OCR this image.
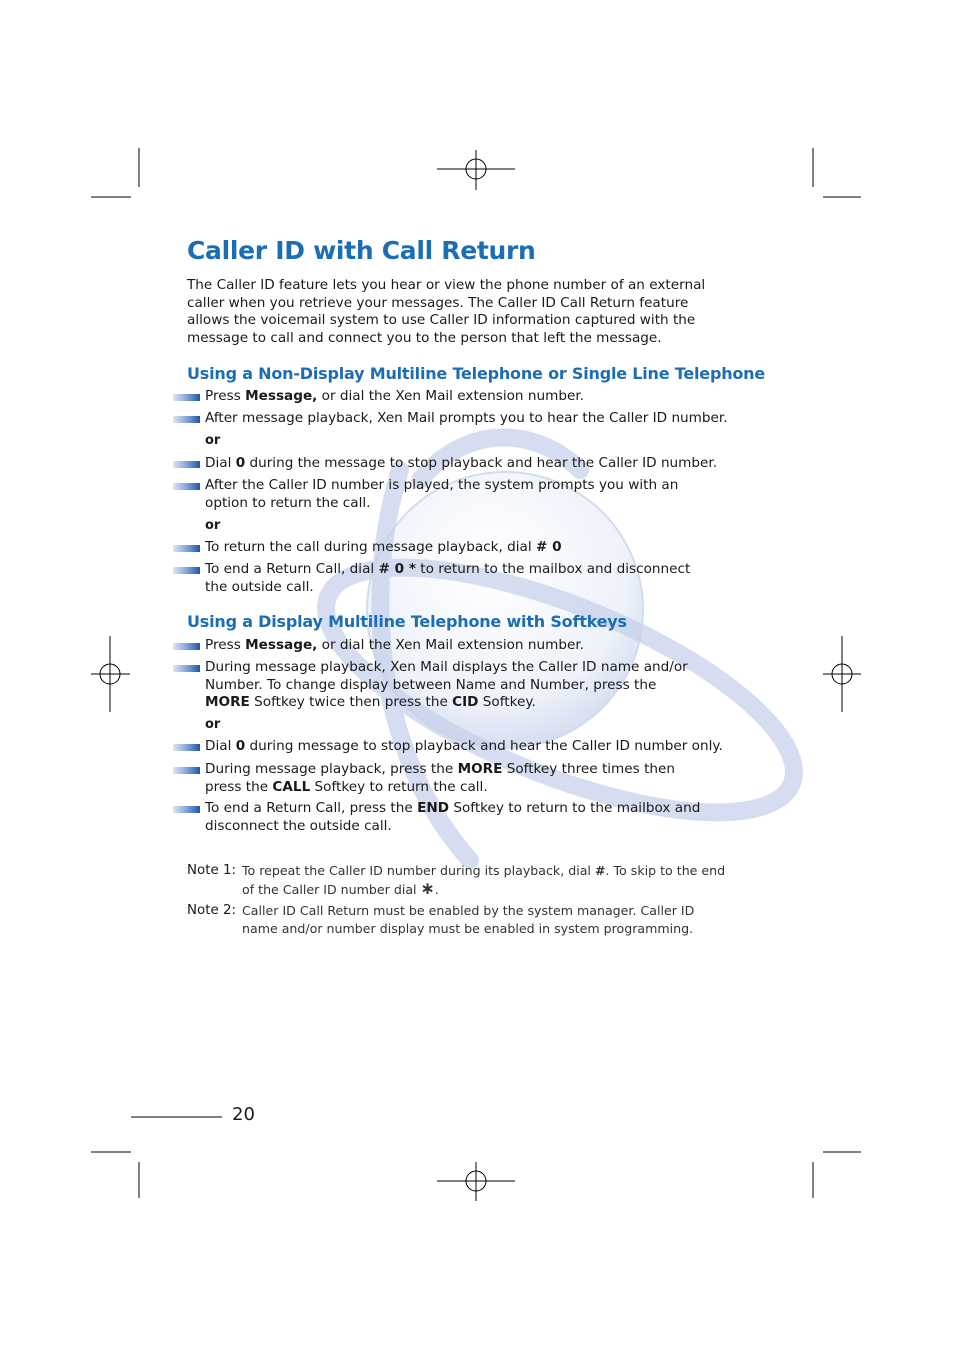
Caller ID with Call Return

The Caller ID feature lets you hear or view the phone number of an external caller when you retrieve your messages. The Caller ID Call Return feature allows the voicemail system to use Caller ID information captured with the message to call and connect you to the person that left the message.

Using a Non-Display Multiline Telephone or Single Line Telephone
Press Message, or dial the Xen Mail extension number.
After message playback, Xen Mail prompts you to hear the Caller ID number.
or
Dial 0 during the message to stop playback and hear the Caller ID number.
After the Caller ID number is played, the system prompts you with an option to return the call.
or
To return the call during message playback, dial # 0
To end a Return Call, dial # 0 * to return to the mailbox and disconnect the outside call.
Using a Display Multiline Telephone with Softkeys
Press Message, or dial the Xen Mail extension number.
During message playback, Xen Mail displays the Caller ID name and/or Number. To change display between Name and Number, press the MORE Softkey twice then press the CID Softkey.
or
Dial 0 during message to stop playback and hear the Caller ID number only.
During message playback, press the MORE Softkey three times then press the CALL Softkey to return the call.
To end a Return Call, press the END Softkey to return to the mailbox and disconnect the outside call.
Note 1: To repeat the Caller ID number during its playback, dial #. To skip to the end of the Caller ID number dial ∗.
Note 2: Caller ID Call Return must be enabled by the system manager. Caller ID name and/or number display must be enabled in system programming.
20
